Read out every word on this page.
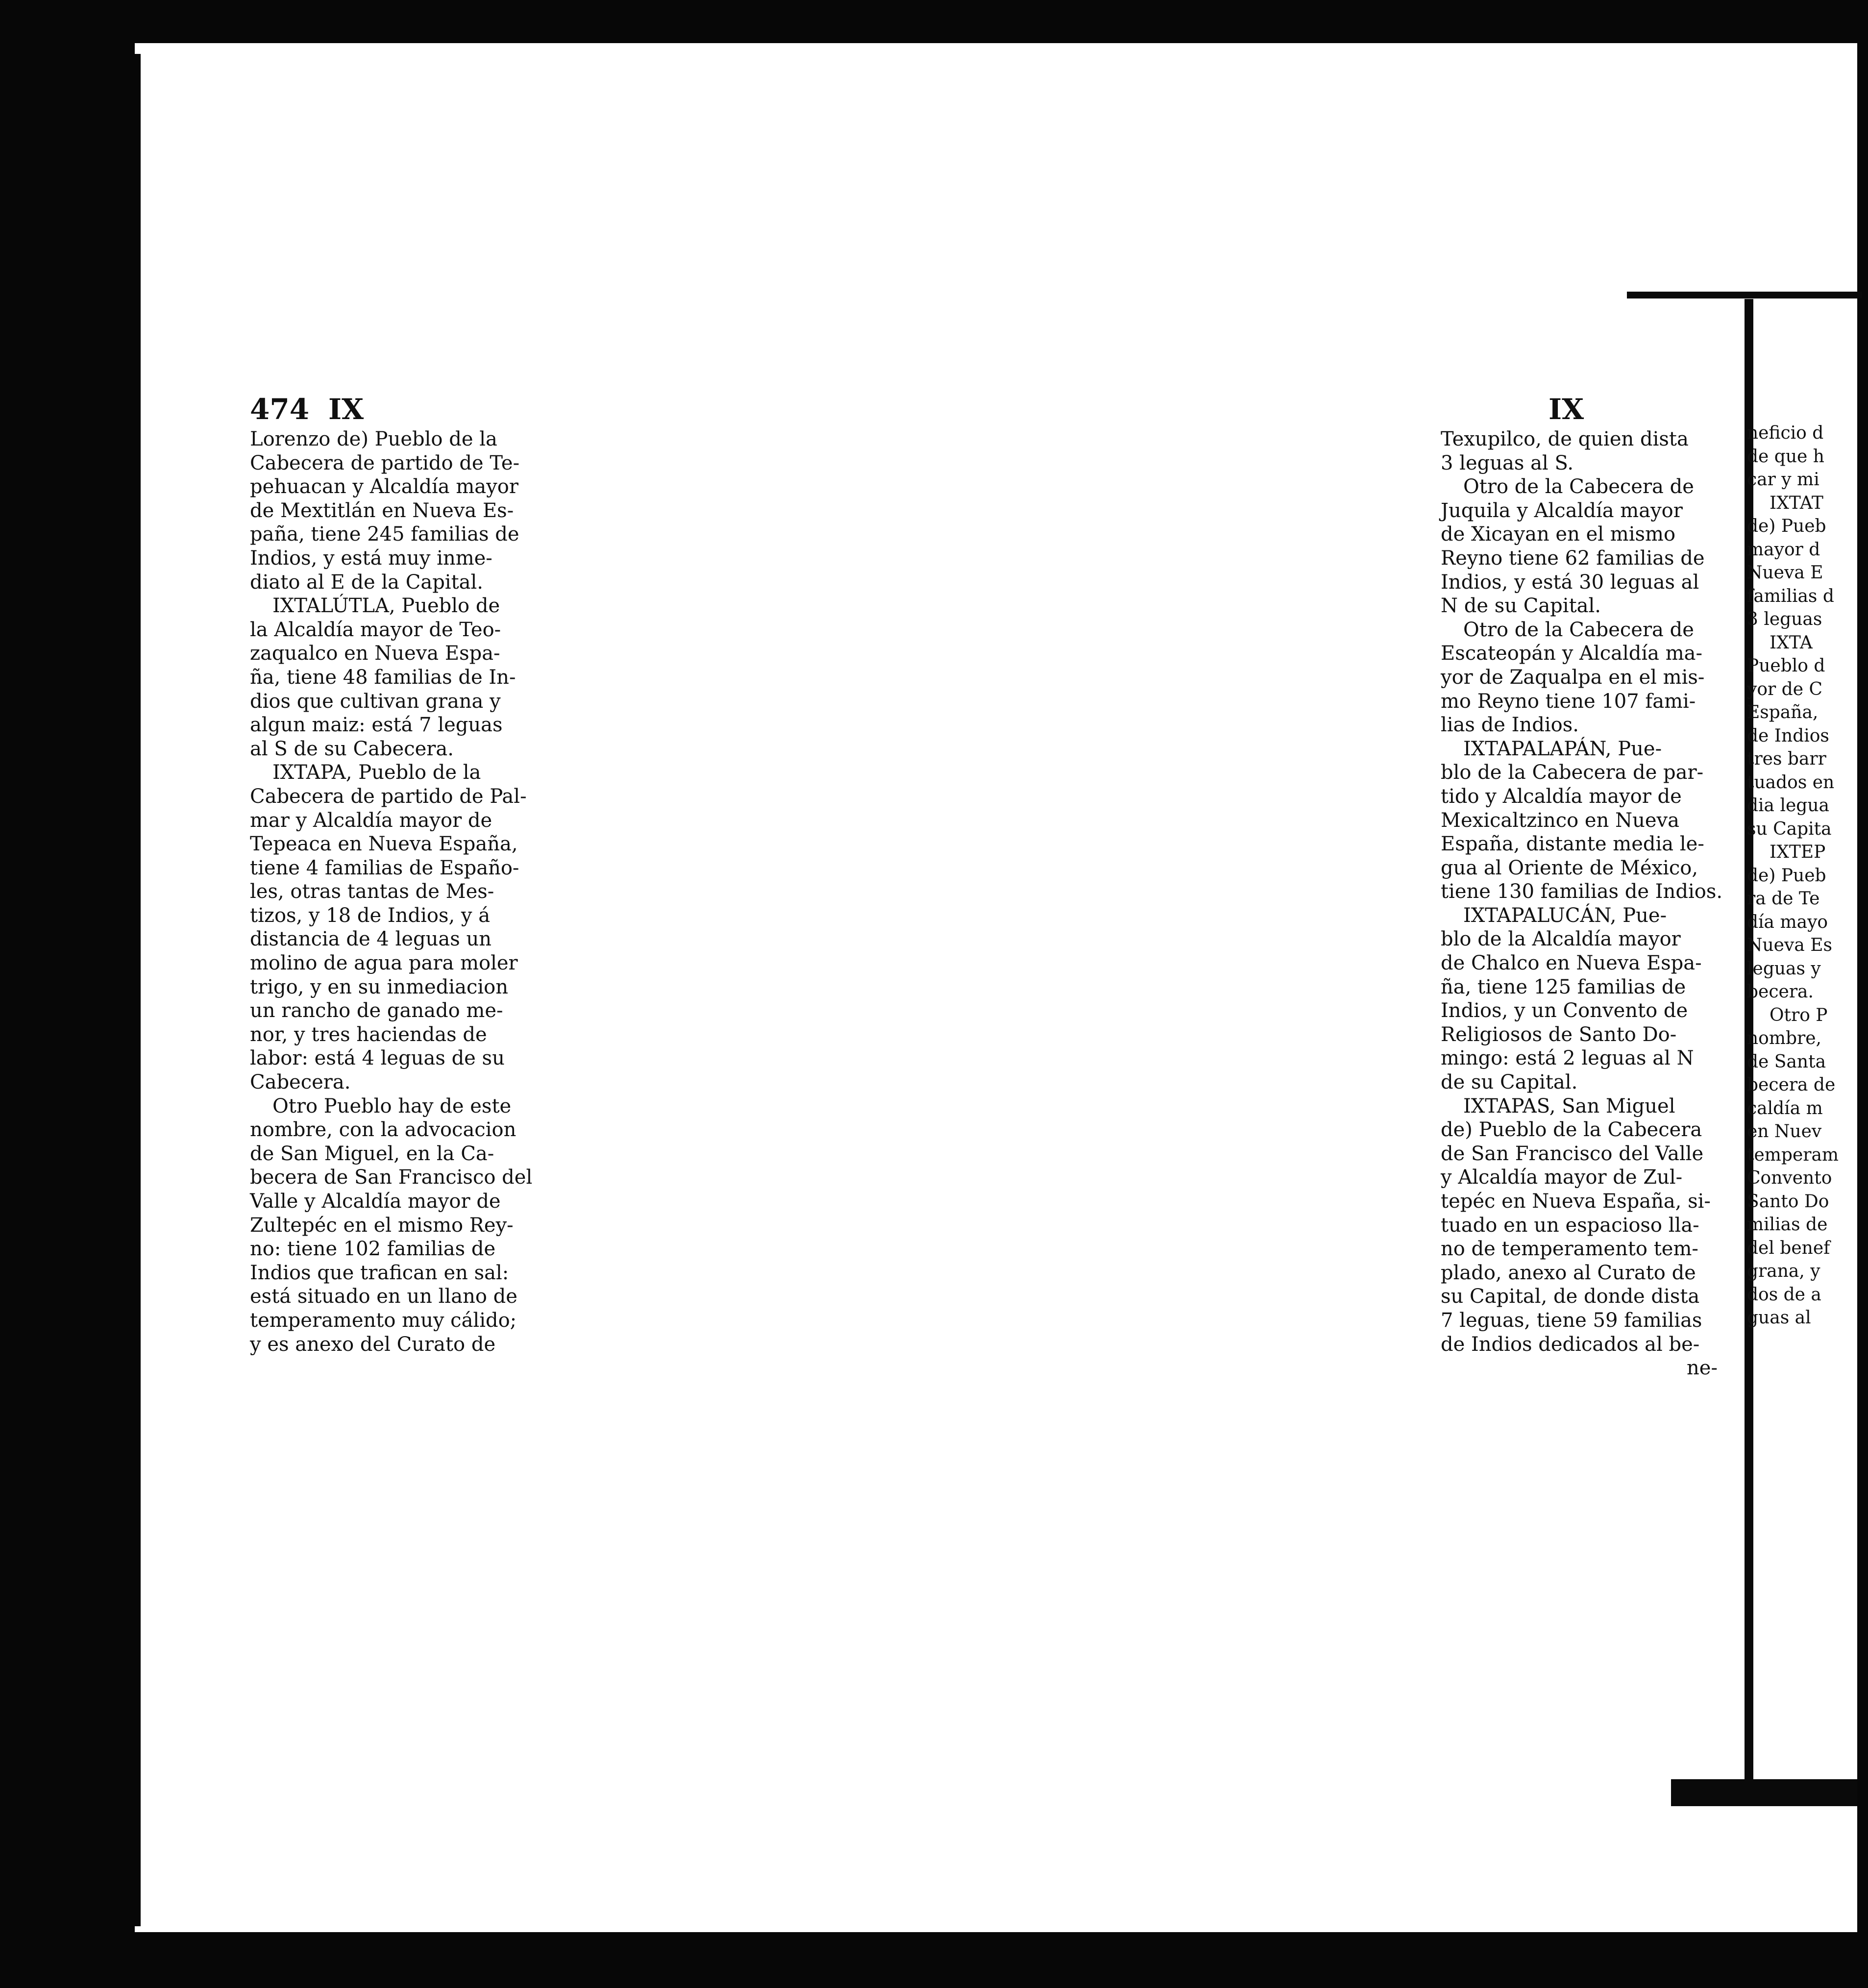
474 IX	IX
Lorenzo de) Pueblo de la
Cabecera de partido de Te-
pehuacan y Alcaldía mayor
de Mextitlán en Nueva Es-
paña, tiene 245 familias de
Indios, y está muy inme-
diato al E de la Capital.
IXTALÚTLA, Pueblo de
la Alcaldía mayor de Teo-
zaqualco en Nueva Espa-
ña, tiene 48 familias de In-
dios que cultivan grana y
algun maiz: está 7 leguas
al S de su Cabecera.
IXTAPA, Pueblo de la
Cabecera de partido de Pal-
mar y Alcaldía mayor de
Tepeaca en Nueva España,
tiene 4 familias de Españo-
les, otras tantas de Mes-
tizos, y 18 de Indios, y á
distancia de 4 leguas un
molino de agua para moler
trigo, y en su inmediacion
un rancho de ganado me-
nor, y tres haciendas de
labor: está 4 leguas de su
Cabecera.
Otro Pueblo hay de este
nombre, con la advocacion
de San Miguel, en la Ca-
becera de San Francisco del
Valle y Alcaldía mayor de
Zultepéc en el mismo Rey-
no: tiene 102 familias de
Indios que trafican en sal:
está situado en un llano de
temperamento muy cálido;
y es anexo del Curato de
Texupilco, de quien dista
3 leguas al S.
Otro de la Cabecera de
Juquila y Alcaldía mayor
de Xicayan en el mismo
Reyno tiene 62 familias de
Indios, y está 30 leguas al
N de su Capital.
Otro de la Cabecera de
Escateopán y Alcaldía ma-
yor de Zaqualpa en el mis-
mo Reyno tiene 107 fami-
lias de Indios.
IXTAPALAPÁN, Pue-
blo de la Cabecera de par-
tido y Alcaldía mayor de
Mexicaltzinco en Nueva
España, distante media le-
gua al Oriente de México,
tiene 130 familias de Indios.
IXTAPALUCÁN, Pue-
blo de la Alcaldía mayor
de Chalco en Nueva Espa-
ña, tiene 125 familias de
Indios, y un Convento de
Religiosos de Santo Do-
mingo: está 2 leguas al N
de su Capital.
IXTAPAS, San Miguel
de) Pueblo de la Cabecera
de San Francisco del Valle
y Alcaldía mayor de Zul-
tepéc en Nueva España, si-
tuado en un espacioso lla-
no de temperamento tem-
plado, anexo al Curato de
su Capital, de donde dista
7 leguas, tiene 59 familias
de Indios dedicados al be-
ne-
neficio d
de que h
car y mi
IXTAT
de) Pueb
mayor d
Nueva E
familias d
3 leguas
IXTA
Pueblo d
yor de C
España,
de Indios
tres barr
tuados en
dia legua
su Capita
IXTEP
de) Pueb
ra de Te
día mayo
Nueva Es
leguas y
becera.
Otro P
nombre,
de Santa
becera de
caldía m
en Nuev
temperam
Convento
Santo Do
milias de
del benef
grana, y
dos de a
guas al
